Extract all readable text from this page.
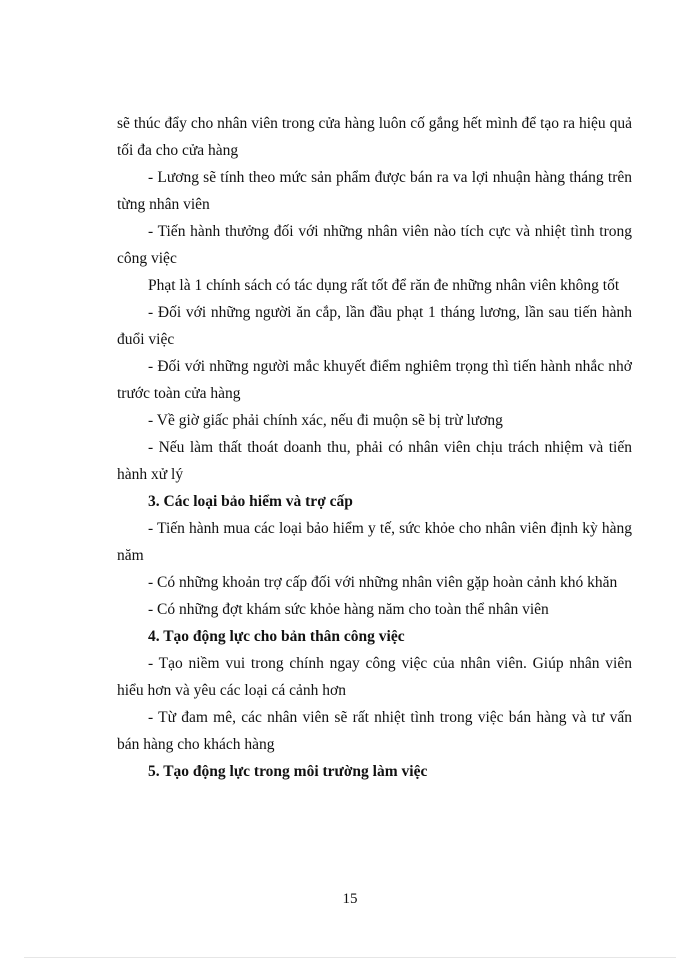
sẽ thúc đẩy cho nhân viên trong cửa hàng luôn cố gắng hết mình để tạo ra hiệu quả tối đa cho cửa hàng

- Lương sẽ tính theo mức sản phẩm được bán ra va lợi nhuận hàng tháng trên từng nhân viên

- Tiến hành thưởng đối với những nhân viên nào tích cực và nhiệt tình trong công việc

Phạt là 1 chính sách có tác dụng rất tốt để răn đe những nhân viên không tốt

- Đối với những người ăn cắp, lần đầu phạt 1 tháng lương, lần sau tiến hành đuổi việc

- Đối với những người mắc khuyết điểm nghiêm trọng thì tiến hành nhắc nhở trước toàn cửa hàng

- Về giờ giấc phải chính xác, nếu đi muộn sẽ bị trừ lương

- Nếu làm thất thoát doanh thu, phải có nhân viên chịu trách nhiệm và tiến hành xử lý

3. Các loại bảo hiểm và trợ cấp

- Tiến hành mua các loại bảo hiểm y tế, sức khỏe cho nhân viên định kỳ hàng năm

- Có những khoản trợ cấp đối với những nhân viên gặp hoàn cảnh khó khăn

- Có những đợt khám sức khỏe hàng năm cho toàn thể nhân viên

4. Tạo động lực cho bản thân công việc

- Tạo niềm vui trong chính ngay công việc của nhân viên. Giúp nhân viên hiểu hơn và yêu các loại cá cảnh hơn

- Từ đam mê, các nhân viên sẽ rất nhiệt tình trong việc bán hàng và tư vấn bán hàng cho khách hàng

5. Tạo động lực trong môi trường làm việc

15
